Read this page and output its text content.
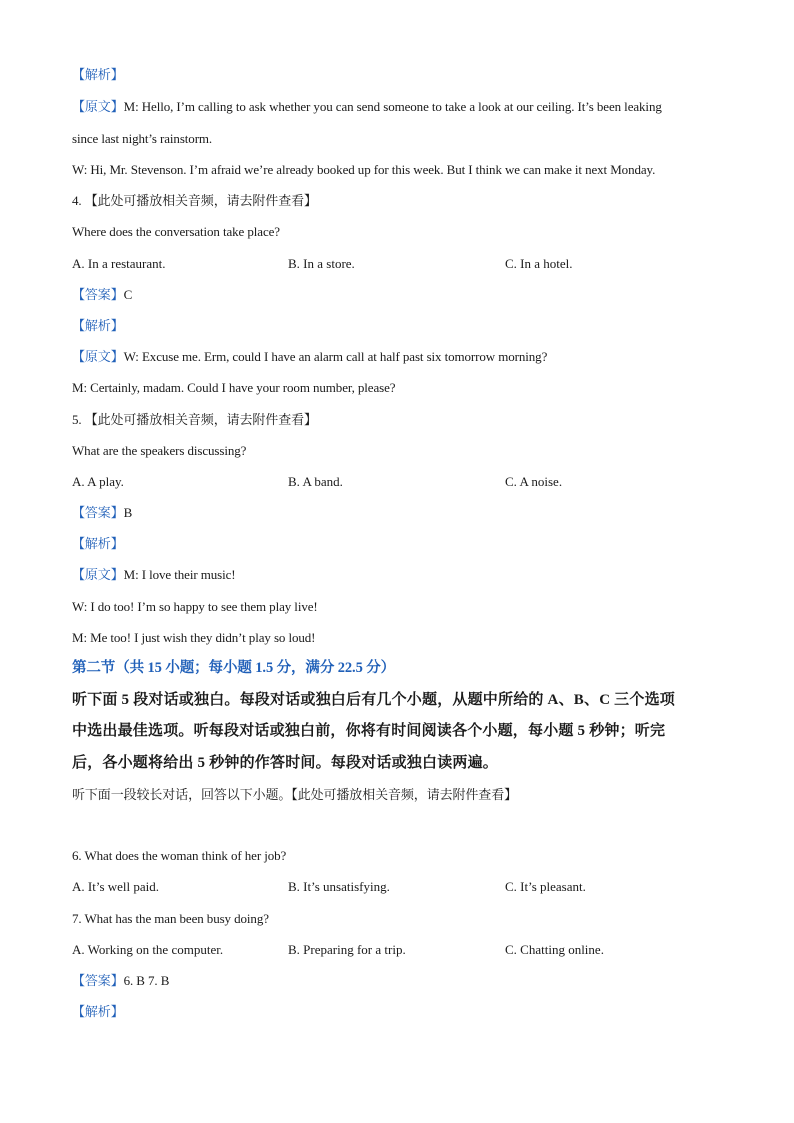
【解析】
【原文】M: Hello, I’m calling to ask whether you can send someone to take a look at our ceiling. It’s been leaking
since last night’s rainstorm.
W: Hi, Mr. Stevenson. I’m afraid we’re already booked up for this week. But I think we can make it next Monday.
4. 【此处可播放相关音频，请去附件查看】
Where does the conversation take place?
A. In a restaurant.	B. In a store.	C. In a hotel.
【答案】C
【解析】
【原文】W: Excuse me. Erm, could I have an alarm call at half past six tomorrow morning?
M: Certainly, madam. Could I have your room number, please?
5. 【此处可播放相关音频，请去附件查看】
What are the speakers discussing?
A. A play.	B. A band.	C. A noise.
【答案】B
【解析】
【原文】M: I love their music!
W: I do too! I’m so happy to see them play live!
M: Me too! I just wish they didn’t play so loud!
第二节（共 15 小题；每小题 1.5 分，满分 22.5 分）
听下面 5 段对话或独白。每段对话或独白后有几个小题，从题中所给的 A、B、C 三个选项
中选出最佳选项。听每段对话或独白前，你将有时间阅读各个小题，每小题 5 秒钟；听完
后，各小题将给出 5 秒钟的作答时间。每段对话或独白读两遍。
听下面一段较长对话，回答以下小题。【此处可播放相关音频，请去附件查看】
6. What does the woman think of her job?
A. It’s well paid.	B. It’s unsatisfying.	C. It’s pleasant.
7. What has the man been busy doing?
A. Working on the computer.	B. Preparing for a trip.	C. Chatting online.
【答案】6. B 7. B
【解析】
